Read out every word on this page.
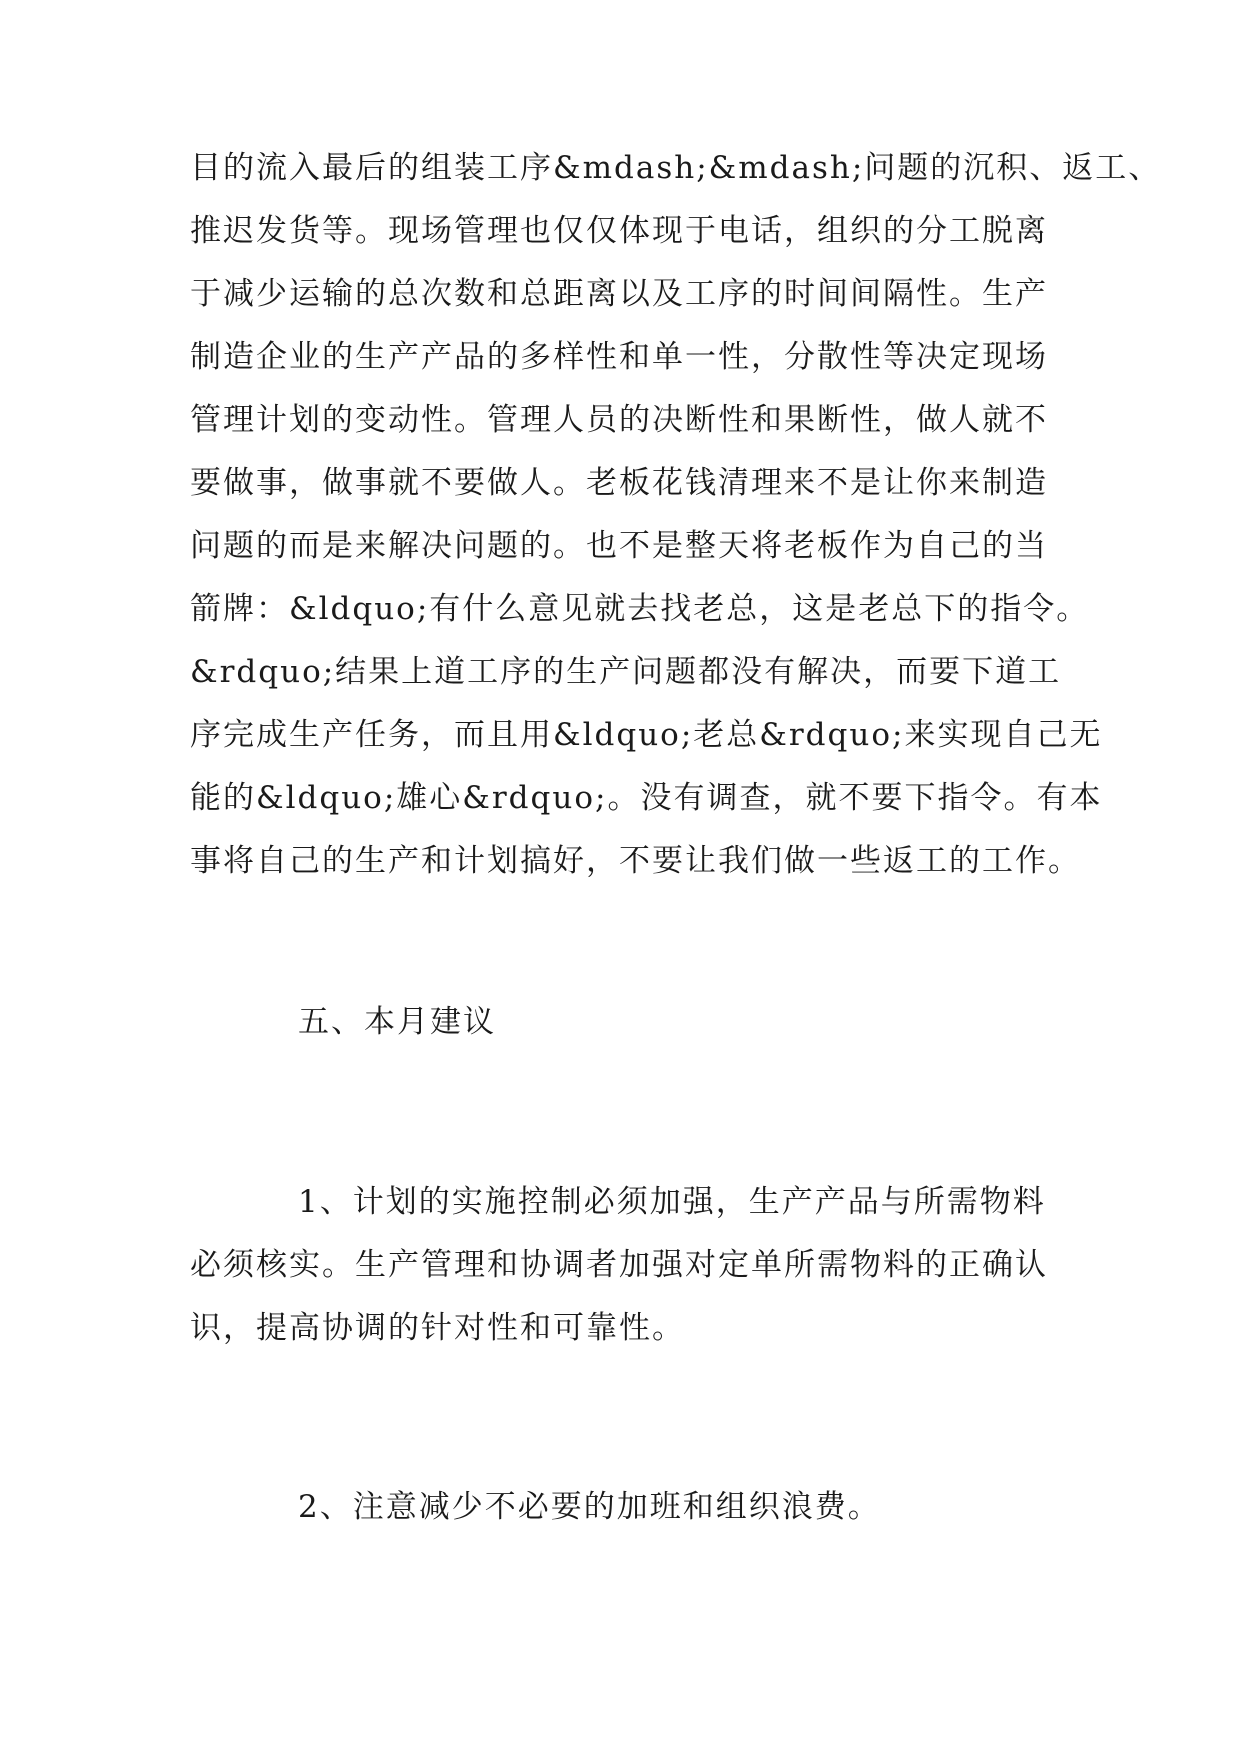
目的流入最后的组装工序&mdash;&mdash;问题的沉积、返工、
推迟发货等。现场管理也仅仅体现于电话，组织的分工脱离
于减少运输的总次数和总距离以及工序的时间间隔性。生产
制造企业的生产产品的多样性和单一性，分散性等决定现场
管理计划的变动性。管理人员的决断性和果断性，做人就不
要做事，做事就不要做人。老板花钱清理来不是让你来制造
问题的而是来解决问题的。也不是整天将老板作为自己的当
箭牌：&ldquo;有什么意见就去找老总，这是老总下的指令。
&rdquo;结果上道工序的生产问题都没有解决，而要下道工
序完成生产任务，而且用&ldquo;老总&rdquo;来实现自己无
能的&ldquo;雄心&rdquo;。没有调查，就不要下指令。有本
事将自己的生产和计划搞好，不要让我们做一些返工的工作。
五、本月建议
1、计划的实施控制必须加强，生产产品与所需物料
必须核实。生产管理和协调者加强对定单所需物料的正确认
识，提高协调的针对性和可靠性。
2、注意减少不必要的加班和组织浪费。
